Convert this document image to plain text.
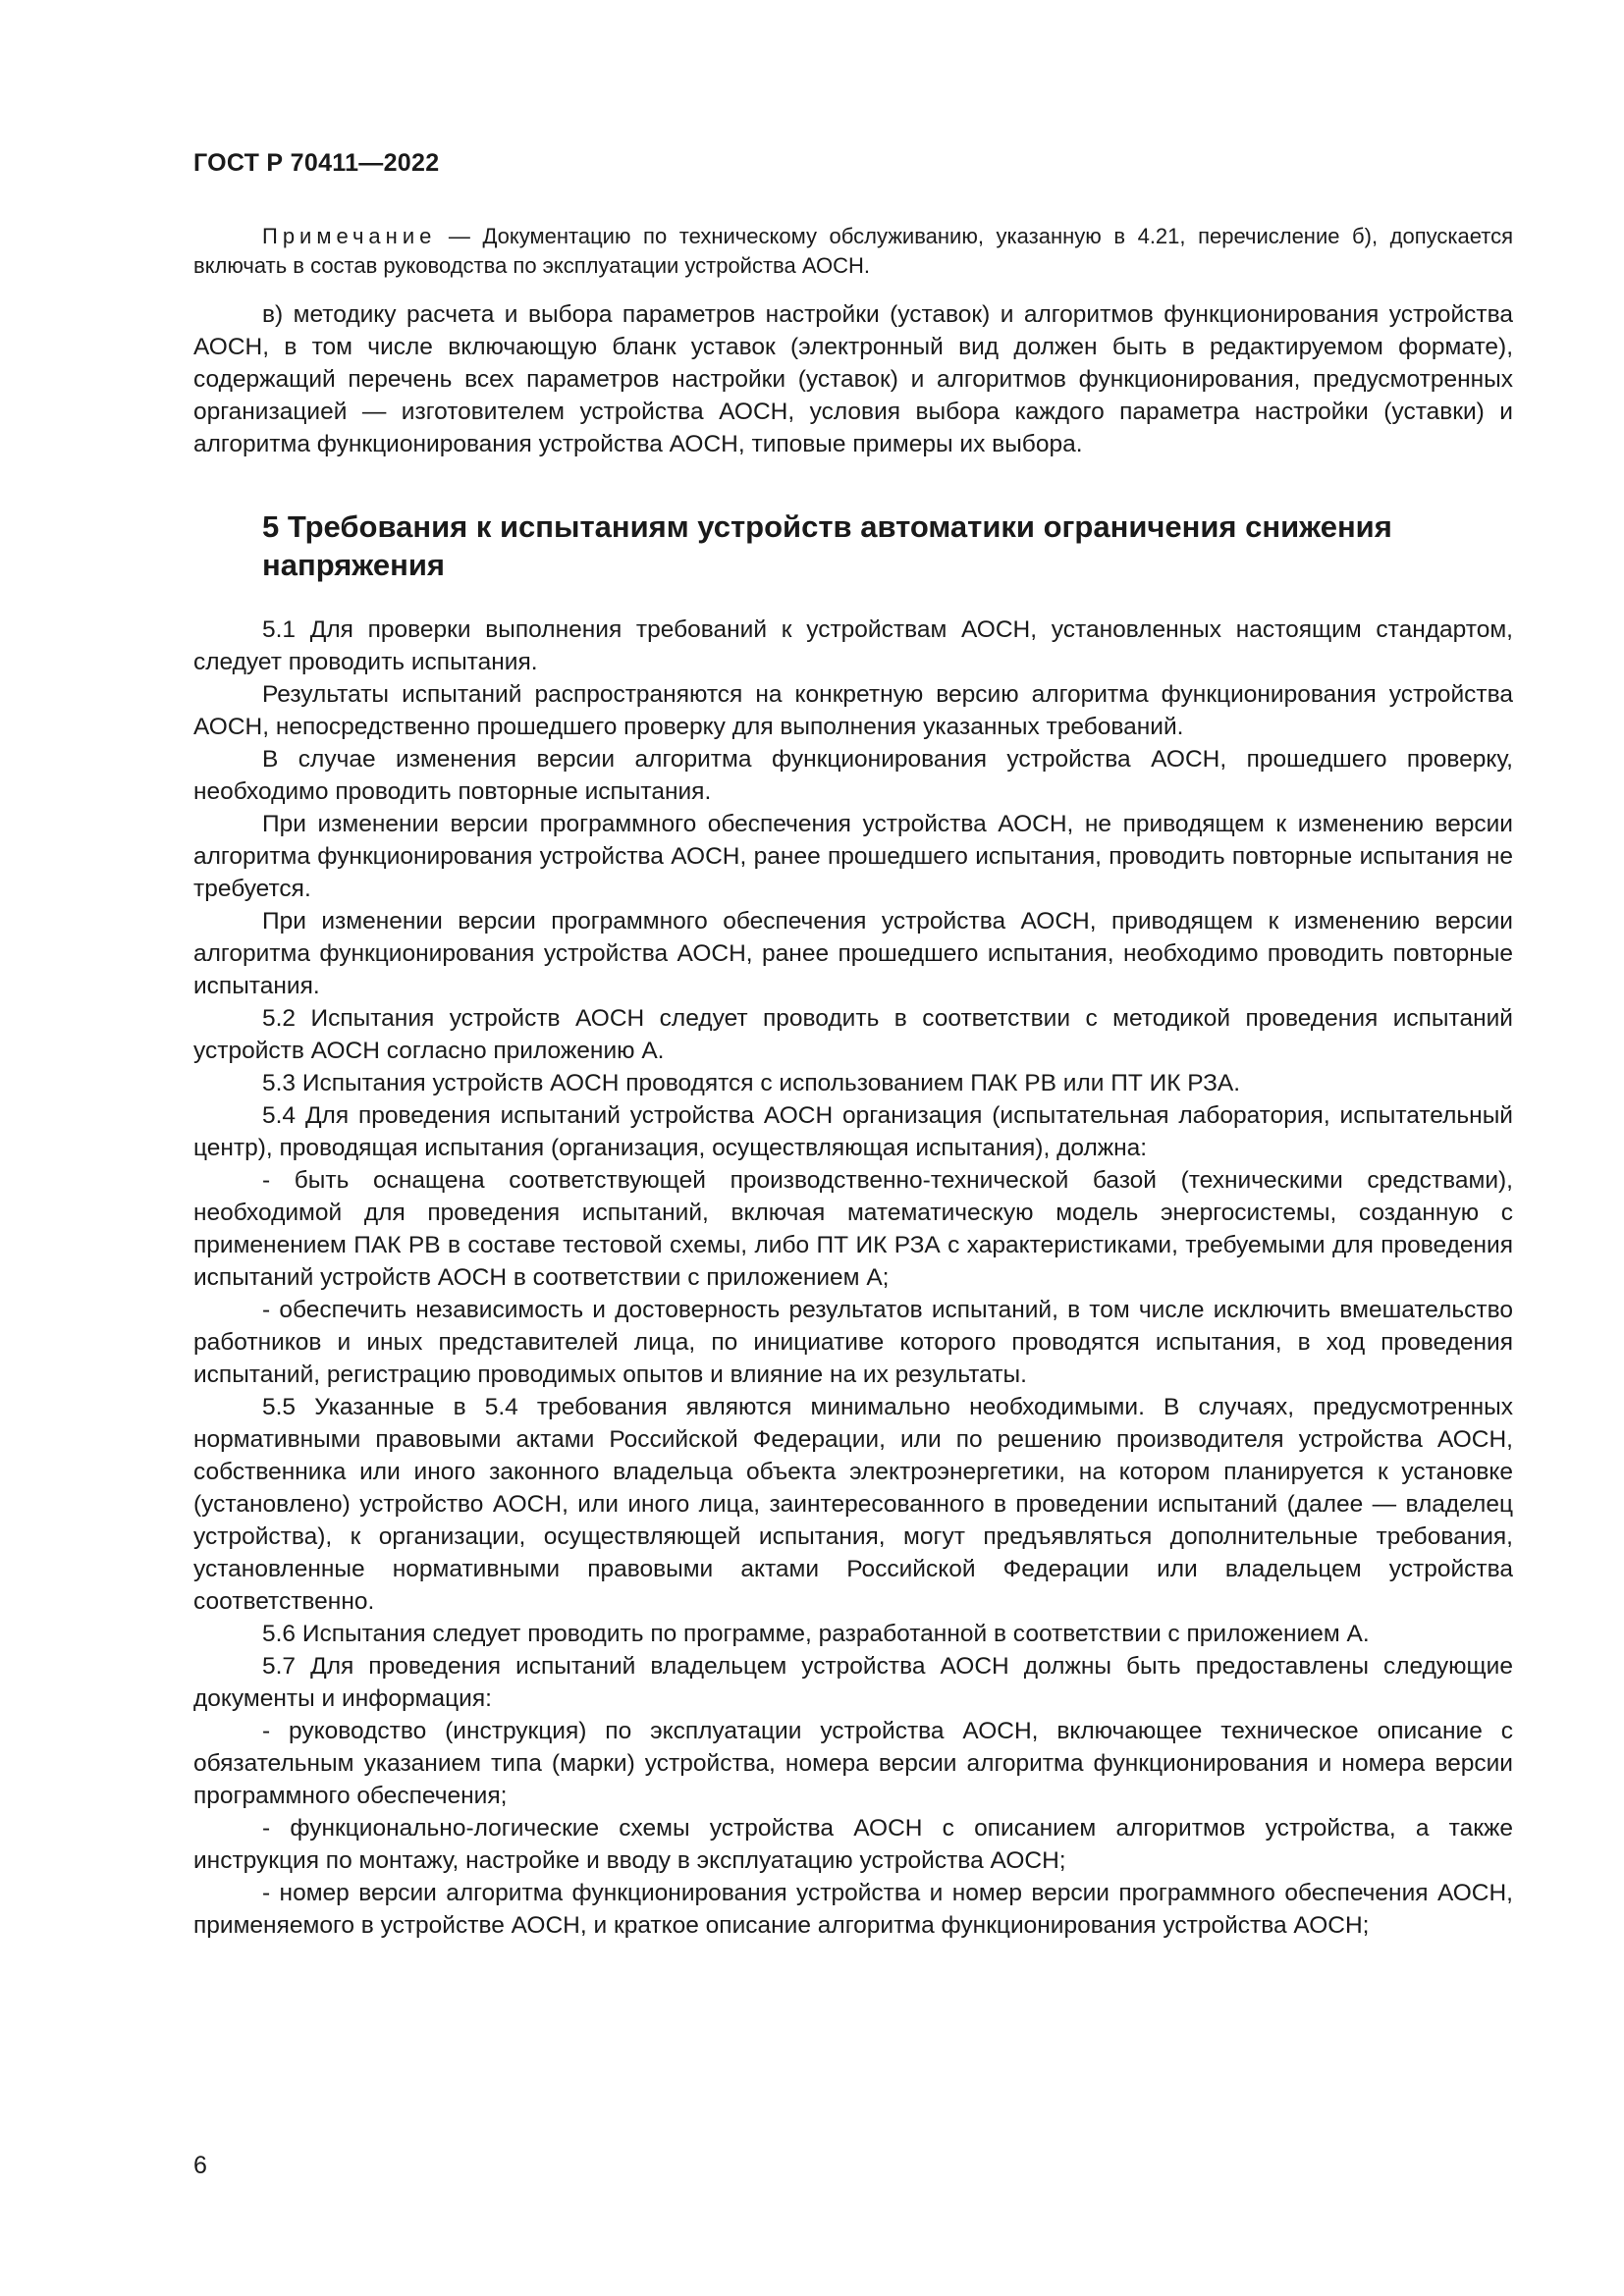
ГОСТ Р 70411—2022

Примечание — Документацию по техническому обслуживанию, указанную в 4.21, перечисление б), допускается включать в состав руководства по эксплуатации устройства АОСН.

в) методику расчета и выбора параметров настройки (уставок) и алгоритмов функционирования устройства АОСН, в том числе включающую бланк уставок (электронный вид должен быть в редактируемом формате), содержащий перечень всех параметров настройки (уставок) и алгоритмов функционирования, предусмотренных организацией — изготовителем устройства АОСН, условия выбора каждого параметра настройки (уставки) и алгоритма функционирования устройства АОСН, типовые примеры их выбора.

5 Требования к испытаниям устройств автоматики ограничения снижения напряжения

5.1 Для проверки выполнения требований к устройствам АОСН, установленных настоящим стандартом, следует проводить испытания.

Результаты испытаний распространяются на конкретную версию алгоритма функционирования устройства АОСН, непосредственно прошедшего проверку для выполнения указанных требований.

В случае изменения версии алгоритма функционирования устройства АОСН, прошедшего проверку, необходимо проводить повторные испытания.

При изменении версии программного обеспечения устройства АОСН, не приводящем к изменению версии алгоритма функционирования устройства АОСН, ранее прошедшего испытания, проводить повторные испытания не требуется.

При изменении версии программного обеспечения устройства АОСН, приводящем к изменению версии алгоритма функционирования устройства АОСН, ранее прошедшего испытания, необходимо проводить повторные испытания.

5.2 Испытания устройств АОСН следует проводить в соответствии с методикой проведения испытаний устройств АОСН согласно приложению А.

5.3 Испытания устройств АОСН проводятся с использованием ПАК РВ или ПТ ИК РЗА.

5.4 Для проведения испытаний устройства АОСН организация (испытательная лаборатория, испытательный центр), проводящая испытания (организация, осуществляющая испытания), должна:

- быть оснащена соответствующей производственно-технической базой (техническими средствами), необходимой для проведения испытаний, включая математическую модель энергосистемы, созданную с применением ПАК РВ в составе тестовой схемы, либо ПТ ИК РЗА с характеристиками, требуемыми для проведения испытаний устройств АОСН в соответствии с приложением А;

- обеспечить независимость и достоверность результатов испытаний, в том числе исключить вмешательство работников и иных представителей лица, по инициативе которого проводятся испытания, в ход проведения испытаний, регистрацию проводимых опытов и влияние на их результаты.

5.5 Указанные в 5.4 требования являются минимально необходимыми. В случаях, предусмотренных нормативными правовыми актами Российской Федерации, или по решению производителя устройства АОСН, собственника или иного законного владельца объекта электроэнергетики, на котором планируется к установке (установлено) устройство АОСН, или иного лица, заинтересованного в проведении испытаний (далее — владелец устройства), к организации, осуществляющей испытания, могут предъявляться дополнительные требования, установленные нормативными правовыми актами Российской Федерации или владельцем устройства соответственно.

5.6 Испытания следует проводить по программе, разработанной в соответствии с приложением А.

5.7 Для проведения испытаний владельцем устройства АОСН должны быть предоставлены следующие документы и информация:

- руководство (инструкция) по эксплуатации устройства АОСН, включающее техническое описание с обязательным указанием типа (марки) устройства, номера версии алгоритма функционирования и номера версии программного обеспечения;

- функционально-логические схемы устройства АОСН с описанием алгоритмов устройства, а также инструкция по монтажу, настройке и вводу в эксплуатацию устройства АОСН;

- номер версии алгоритма функционирования устройства и номер версии программного обеспечения АОСН, применяемого в устройстве АОСН, и краткое описание алгоритма функционирования устройства АОСН;

6
